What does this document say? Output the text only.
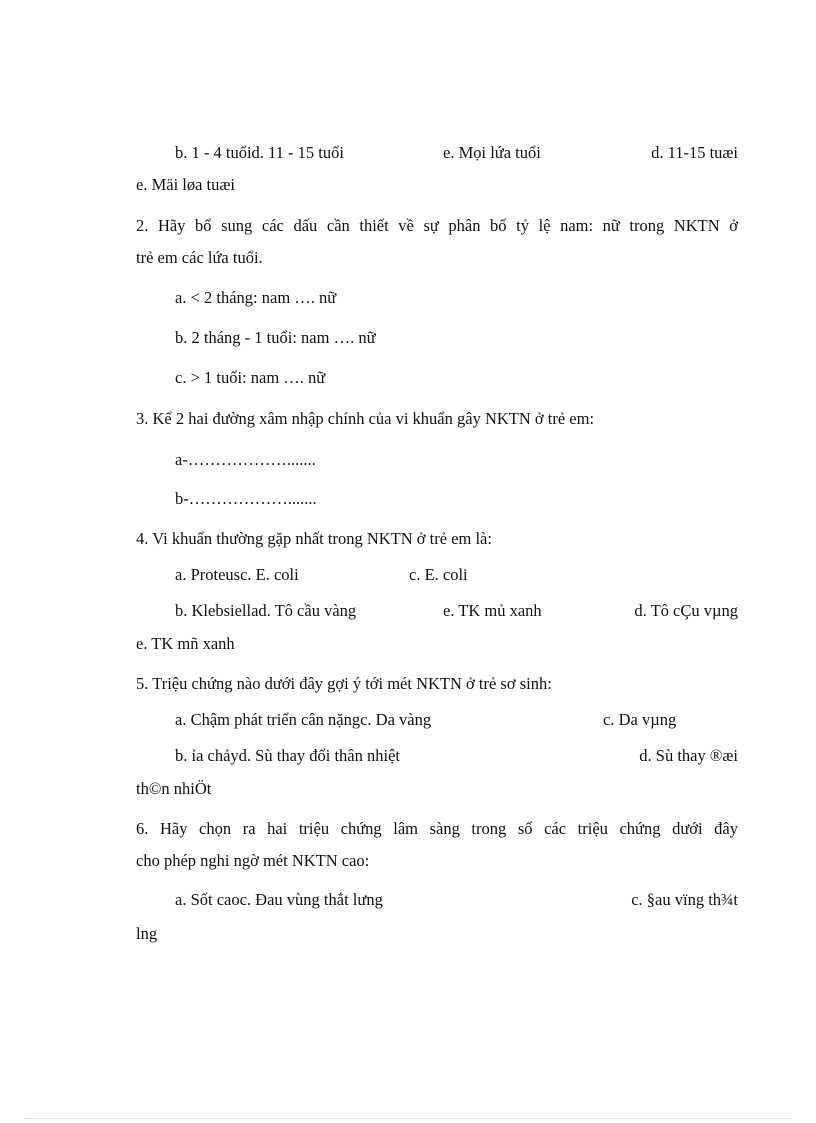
b. 1 - 4 tuổid. 11 - 15 tuổi	e. Mọi lứa tuổi	d. 11-15 tuæi
e. Mäi løa tuæi

2. Hãy bổ sung các dấu cần thiết về sự phân bố tỷ lệ nam: nữ trong NKTN ở

trẻ em các lứa tuổi.
a. < 2 tháng: nam …. nữ
b. 2 tháng - 1 tuổi: nam …. nữ
c. > 1 tuổi: nam …. nữ
3. Kể 2 hai đường xâm nhập chính của vi khuẩn gây NKTN ở trẻ em:
a-……………….......
b-……………….......
4. Vi khuẩn thường gặp nhất trong NKTN ở trẻ em là:
a. Proteusc. E. coli	c. E. coli
b. Klebsiellad. Tô cầu vàng	e. TK mủ xanh	d. Tô cÇu vµng
e. TK mñ xanh
5. Triệu chứng nào dưới đây gợi ý tới mét NKTN ở trẻ sơ sinh:
a. Chậm phát triển cân nặngc. Da vàng	c. Da vµng
b. ỉa chảyd. Sù thay đổi thân nhiệt	d. Sù thay ®æi
th©n nhiÖt

6. Hãy chọn ra hai triệu chứng lâm sàng trong số các triệu chứng dưới đây

cho phép nghi ngờ mét NKTN cao:
a. Sốt caoc. Đau vùng thắt lưng	c. §au vïng th¾t
lng
